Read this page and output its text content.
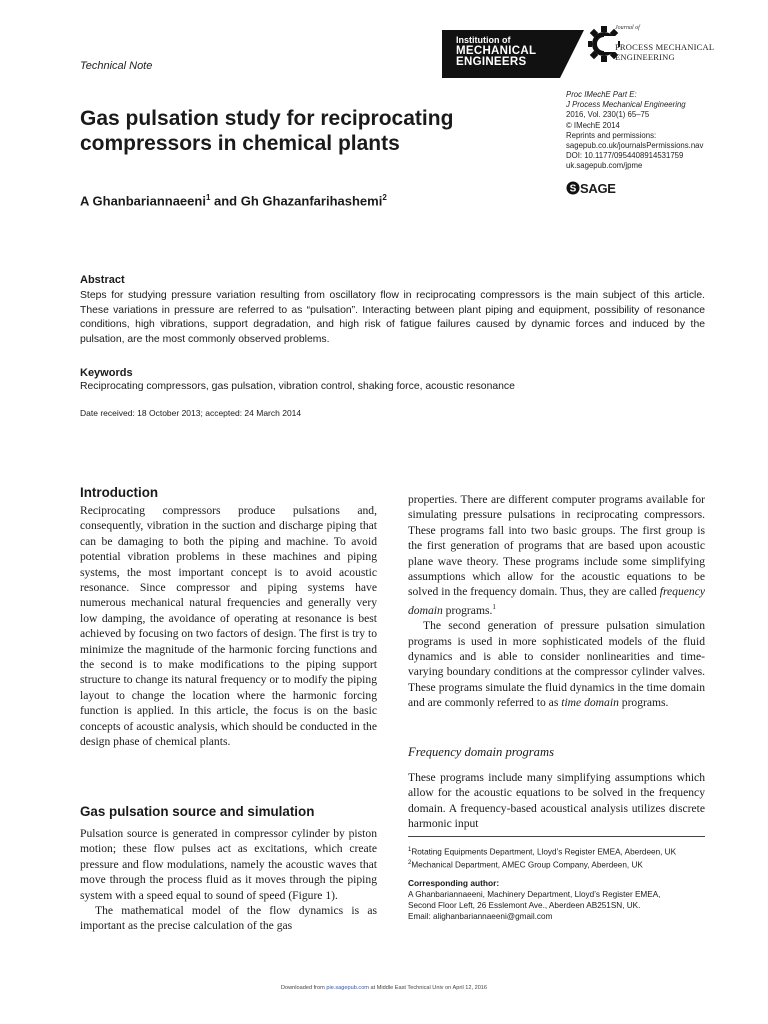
Technical Note
Institution of
MECHANICAL
ENGINEERS
Journal of
PROCESS MECHANICAL
ENGINEERING
Gas pulsation study for reciprocating compressors in chemical plants
A Ghanbariannaeeni$^1$ and Gh Ghazanfarihashemi$^2$
Proc IMechE Part E:
J Process Mechanical Engineering
2016, Vol. 230(1) 65–75
© IMechE 2014
Reprints and permissions:
sagepub.co.uk/journalsPermissions.nav
DOI: 10.1177/0954408914531759
uk.sagepub.com/jpme
S SAGE
Abstract
Steps for studying pressure variation resulting from oscillatory flow in reciprocating compressors is the main subject of this article. These variations in pressure are referred to as “pulsation”. Interacting between plant piping and equipment, possibility of resonance conditions, high vibrations, support degradation, and high risk of fatigue failures caused by dynamic forces and induced by the pulsation, are the most commonly observed problems.
Keywords
Reciprocating compressors, gas pulsation, vibration control, shaking force, acoustic resonance
Date received: 18 October 2013; accepted: 24 March 2014
Introduction

Reciprocating compressors produce pulsations and, consequently, vibration in the suction and discharge piping that can be damaging to both the piping and machine. To avoid potential vibration problems in these machines and piping systems, the most important concept is to avoid acoustic resonance. Since compressor and piping systems have numerous mechanical natural frequencies and generally very low damping, the avoidance of operating at resonance is best achieved by focusing on two factors of design. The first is try to minimize the magnitude of the harmonic forcing functions and the second is to make modifications to the piping support structure to change its natural frequency or to modify the piping layout to change the location where the harmonic forcing function is applied. In this article, the focus is on the basic concepts of acoustic analysis, which should be conducted in the design phase of chemical plants.

Gas pulsation source and simulation

Pulsation source is generated in compressor cylinder by piston motion; these flow pulses act as excitations, which create pressure and flow modulations, namely the acoustic waves that move through the process fluid as it moves through the piping system with a speed equal to sound of speed (Figure 1).

The mathematical model of the flow dynamics is as important as the precise calculation of the gas

properties. There are different computer programs available for simulating pressure pulsations in reciprocating compressors. These programs fall into two basic groups. The first group is the first generation of programs that are based upon acoustic plane wave theory. These programs include some simplifying assumptions which allow for the acoustic equations to be solved in the frequency domain. Thus, they are called frequency domain programs.$^1$

The second generation of pressure pulsation simulation programs is used in more sophisticated models of the fluid dynamics and is able to consider nonlinearities and time-varying boundary conditions at the compressor cylinder valves. These programs simulate the fluid dynamics in the time domain and are commonly referred to as time domain programs.

Frequency domain programs

These programs include many simplifying assumptions which allow for the acoustic equations to be solved in the frequency domain. A frequency-based acoustical analysis utilizes discrete harmonic input

$^1$Rotating Equipments Department, Lloyd’s Register EMEA, Aberdeen, UK
$^2$Mechanical Department, AMEC Group Company, Aberdeen, UK
Corresponding author:
A Ghanbariannaeeni, Machinery Department, Lloyd’s Register EMEA,
Second Floor Left, 26 Esslemont Ave., Aberdeen AB251SN, UK.
Email: alighanbariannaeeni@gmail.com
Downloaded from pie.sagepub.com at Middle East Technical Univ on April 12, 2016
